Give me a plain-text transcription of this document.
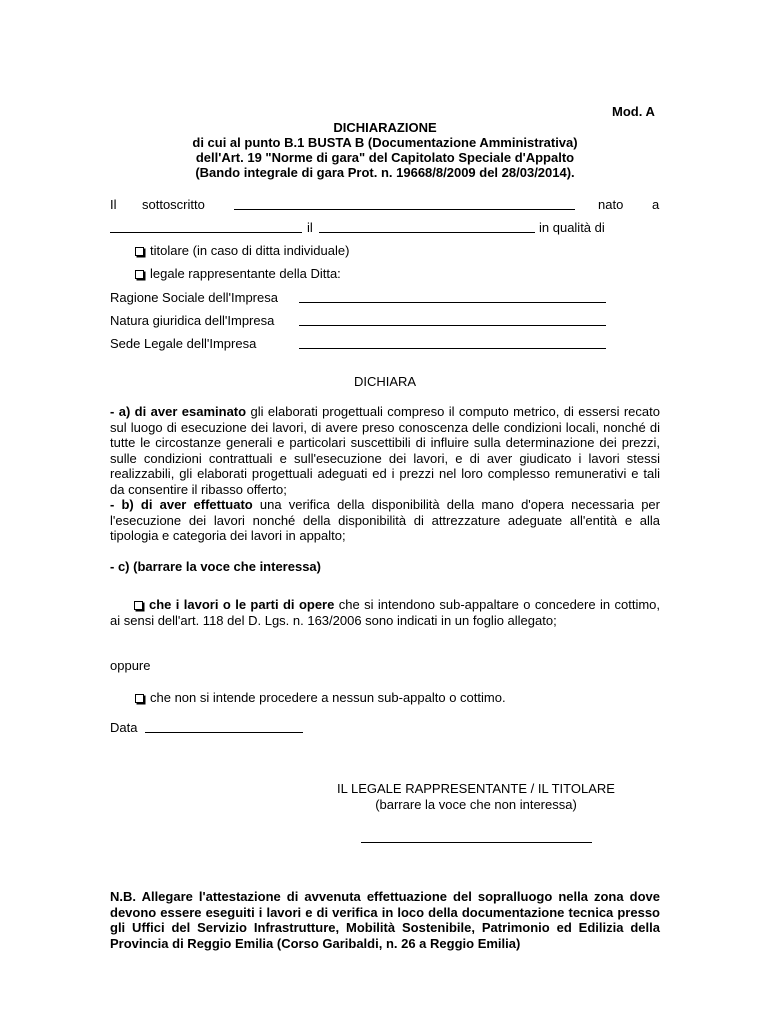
Mod. A
DICHIARAZIONE
di cui al punto B.1 BUSTA B (Documentazione Amministrativa)
dell'Art. 19 "Norme di gara" del Capitolato Speciale d'Appalto
(Bando integrale di gara Prot. n. 19668/8/2009 del 28/03/2014).
Il sottoscritto	nato a
il	in qualità di
titolare (in caso di ditta individuale)
legale rappresentante della Ditta:
Ragione Sociale dell'Impresa
Natura giuridica dell'Impresa
Sede Legale dell'Impresa
DICHIARA
- a) di aver esaminato gli elaborati progettuali compreso il computo metrico, di essersi recato sul luogo di esecuzione dei lavori, di avere preso conoscenza delle condizioni locali, nonché di tutte le circostanze generali e particolari suscettibili di influire sulla determinazione dei prezzi, sulle condizioni contrattuali e sull'esecuzione dei lavori, e di aver giudicato i lavori stessi realizzabili, gli elaborati progettuali adeguati ed i prezzi nel loro complesso remunerativi e tali da consentire il ribasso offerto;
- b) di aver effettuato una verifica della disponibilità della mano d'opera necessaria per l'esecuzione dei lavori nonché della disponibilità di attrezzature adeguate all'entità e alla tipologia e categoria dei lavori in appalto;
- c) (barrare la voce che interessa)
che i lavori o le parti di opere che si intendono sub-appaltare o concedere in cottimo, ai sensi dell'art. 118 del D. Lgs. n. 163/2006 sono indicati in un foglio allegato;
oppure
che non si intende procedere a nessun sub-appalto o cottimo.
Data
IL LEGALE RAPPRESENTANTE / IL TITOLARE
(barrare la voce che non interessa)
N.B. Allegare l'attestazione di avvenuta effettuazione del sopralluogo nella zona dove devono essere eseguiti i lavori e di verifica in loco della documentazione tecnica presso gli Uffici del Servizio Infrastrutture, Mobilità Sostenibile, Patrimonio ed Edilizia della Provincia di Reggio Emilia (Corso Garibaldi, n. 26 a Reggio Emilia)
